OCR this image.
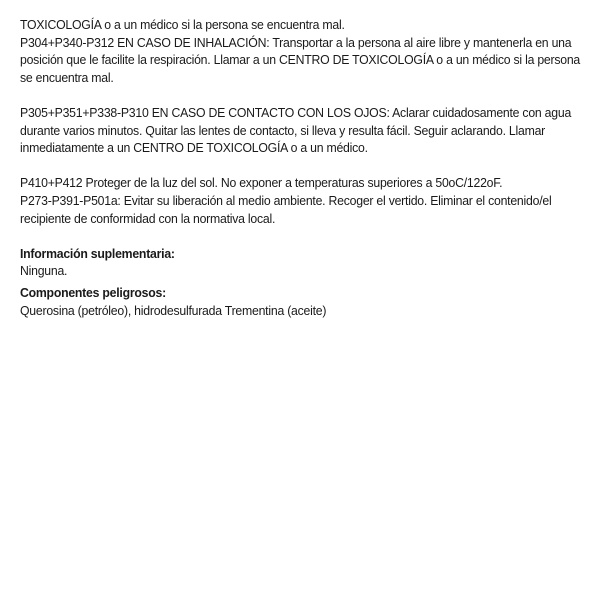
TOXICOLOGÍA o a un médico si la persona se encuentra mal.

P304+P340-P312 EN CASO DE INHALACIÓN: Transportar a la persona al aire libre y mantenerla en una posición que le facilite la respiración. Llamar a un CENTRO DE TOXICOLOGÍA o a un médico si la persona se encuentra mal.

P305+P351+P338-P310 EN CASO DE CONTACTO CON LOS OJOS: Aclarar cuidadosamente con agua durante varios minutos. Quitar las lentes de contacto, si lleva y resulta fácil. Seguir aclarando. Llamar inmediatamente a un CENTRO DE TOXICOLOGÍA o a un médico.

P410+P412 Proteger de la luz del sol. No exponer a temperaturas superiores a 50oC/122oF.

P273-P391-P501a: Evitar su liberación al medio ambiente. Recoger el vertido. Eliminar el contenido/el recipiente de conformidad con la normativa local.

Información suplementaria:

Ninguna.

Componentes peligrosos:

Querosina (petróleo), hidrodesulfurada Trementina (aceite)
